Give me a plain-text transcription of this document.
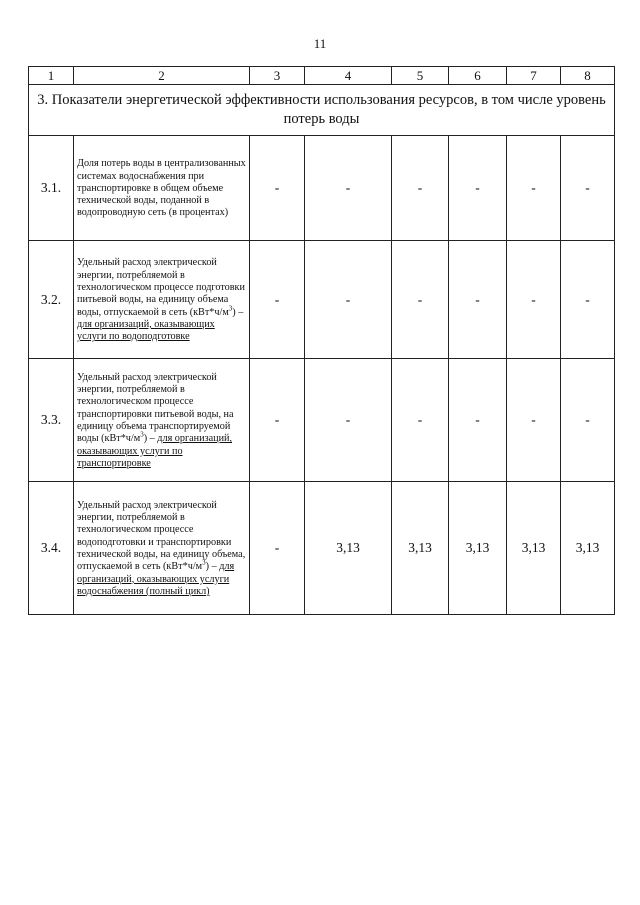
11
1	2	3	4	5	6	7	8
3. Показатели энергетической эффективности использования ресурсов, в том числе уровень потерь воды							
3.1.	Доля потерь воды в централизованных системах водоснабжения при транспортировке в общем объеме технической воды, поданной в водопроводную сеть (в процентах)	-	-	-	-	-	-
3.2.	Удельный расход электрической энергии, потребляемой в технологическом процессе подготовки питьевой воды, на единицу объема воды, отпускаемой в сеть $(кВт*ч/м^3)$ – для организаций, оказывающих услуги по водоподготовке	-	-	-	-	-	-
3.3.	Удельный расход электрической энергии, потребляемой в технологическом процессе транспортировки питьевой воды, на единицу объема транспортируемой воды $(кВт*ч/м^3)$ – для организаций, оказывающих услуги по транспортировке	-	-	-	-	-	-
3.4.	Удельный расход электрической энергии, потребляемой в технологическом процессе водоподготовки и транспортировки технической воды, на единицу объема, отпускаемой в сеть $(кВт*ч/м^3)$ – для организаций, оказывающих услуги водоснабжения (полный цикл)	-	3,13	3,13	3,13	3,13	3,13
